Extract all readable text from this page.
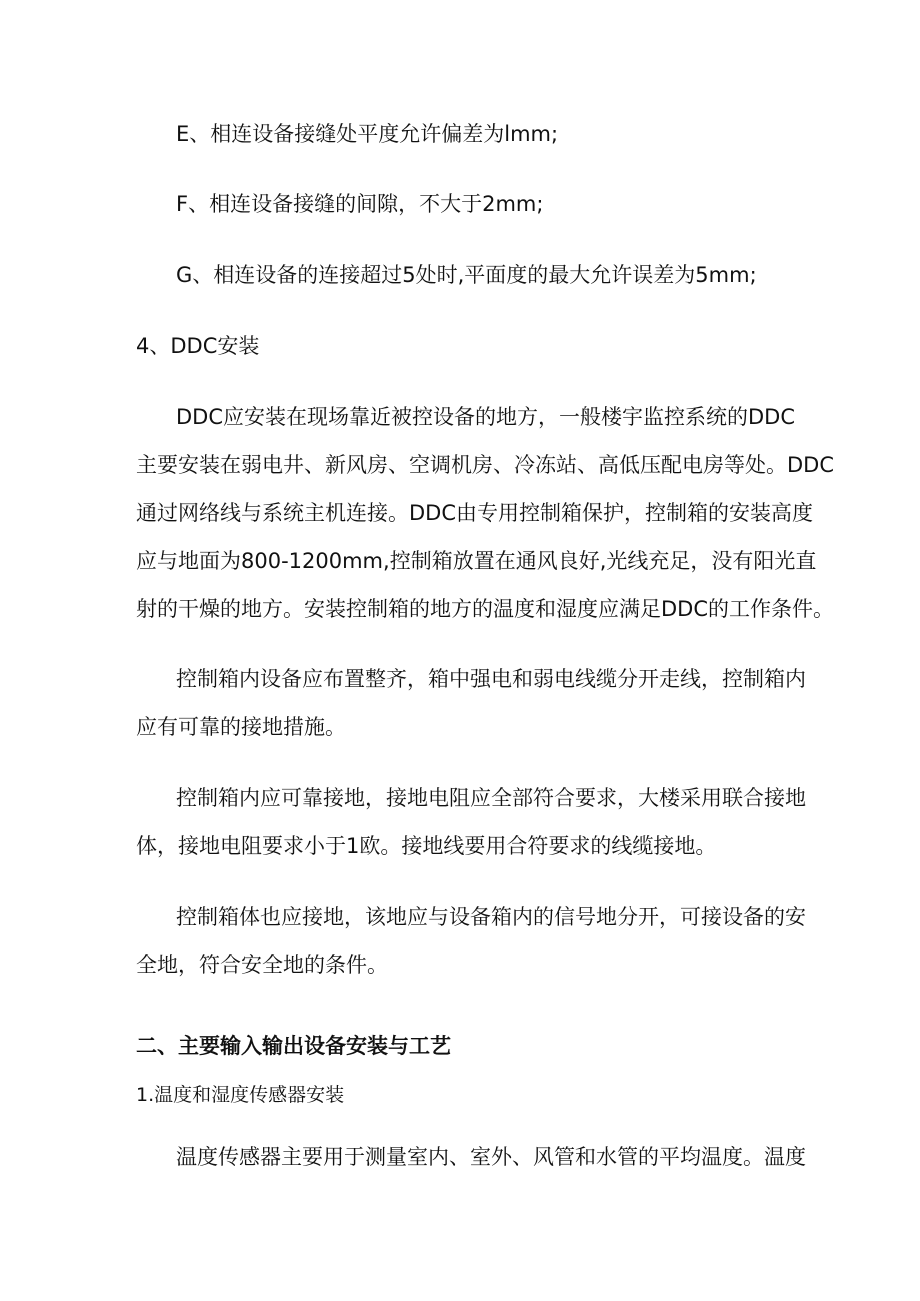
E、相连设备接缝处平度允许偏差为lmm;
F、相连设备接缝的间隙，不大于2mm;
G、相连设备的连接超过5处时,平面度的最大允许误差为5mm;
4、DDC安装
DDC应安装在现场靠近被控设备的地方，一般楼宇监控系统的DDC
主要安装在弱电井、新风房、空调机房、冷冻站、高低压配电房等处。DDC
通过网络线与系统主机连接。DDC由专用控制箱保护，控制箱的安装高度
应与地面为800-1200mm,控制箱放置在通风良好,光线充足，没有阳光直
射的干燥的地方。安装控制箱的地方的温度和湿度应满足DDC的工作条件。
控制箱内设备应布置整齐，箱中强电和弱电线缆分开走线，控制箱内
应有可靠的接地措施。
控制箱内应可靠接地，接地电阻应全部符合要求，大楼采用联合接地
体，接地电阻要求小于1欧。接地线要用合符要求的线缆接地。
控制箱体也应接地，该地应与设备箱内的信号地分开，可接设备的安
全地，符合安全地的条件。
二、主要输入输出设备安装与工艺
1.温度和湿度传感器安装
温度传感器主要用于测量室内、室外、风管和水管的平均温度。温度
